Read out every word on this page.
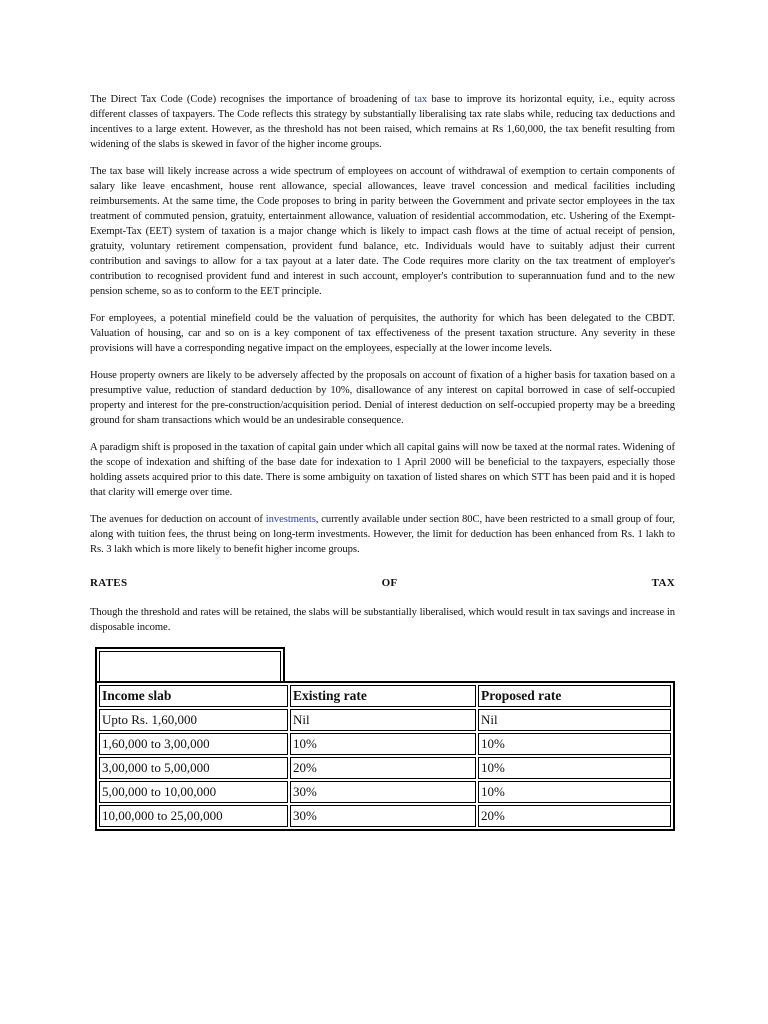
The Direct Tax Code (Code) recognises the importance of broadening of tax base to improve its horizontal equity, i.e., equity across different classes of taxpayers. The Code reflects this strategy by substantially liberalising tax rate slabs while, reducing tax deductions and incentives to a large extent. However, as the threshold has not been raised, which remains at Rs 1,60,000, the tax benefit resulting from widening of the slabs is skewed in favor of the higher income groups.

The tax base will likely increase across a wide spectrum of employees on account of withdrawal of exemption to certain components of salary like leave encashment, house rent allowance, special allowances, leave travel concession and medical facilities including reimbursements. At the same time, the Code proposes to bring in parity between the Government and private sector employees in the tax treatment of commuted pension, gratuity, entertainment allowance, valuation of residential accommodation, etc. Ushering of the Exempt-Exempt-Tax (EET) system of taxation is a major change which is likely to impact cash flows at the time of actual receipt of pension, gratuity, voluntary retirement compensation, provident fund balance, etc. Individuals would have to suitably adjust their current contribution and savings to allow for a tax payout at a later date. The Code requires more clarity on the tax treatment of employer's contribution to recognised provident fund and interest in such account, employer's contribution to superannuation fund and to the new pension scheme, so as to conform to the EET principle.

For employees, a potential minefield could be the valuation of perquisites, the authority for which has been delegated to the CBDT. Valuation of housing, car and so on is a key component of tax effectiveness of the present taxation structure. Any severity in these provisions will have a corresponding negative impact on the employees, especially at the lower income levels.

House property owners are likely to be adversely affected by the proposals on account of fixation of a higher basis for taxation based on a presumptive value, reduction of standard deduction by 10%, disallowance of any interest on capital borrowed in case of self-occupied property and interest for the pre-construction/acquisition period. Denial of interest deduction on self-occupied property may be a breeding ground for sham transactions which would be an undesirable consequence.

A paradigm shift is proposed in the taxation of capital gain under which all capital gains will now be taxed at the normal rates. Widening of the scope of indexation and shifting of the base date for indexation to 1 April 2000 will be beneficial to the taxpayers, especially those holding assets acquired prior to this date. There is some ambiguity on taxation of listed shares on which STT has been paid and it is hoped that clarity will emerge over time.

The avenues for deduction on account of investments, currently available under section 80C, have been restricted to a small group of four, along with tuition fees, the thrust being on long-term investments. However, the limit for deduction has been enhanced from Rs. 1 lakh to Rs. 3 lakh which is more likely to benefit higher income groups.

RATES	OF	TAX

Though the threshold and rates will be retained, the slabs will be substantially liberalised, which would result in tax savings and increase in disposable income.

Income slab	Existing rate	Proposed rate
Upto Rs. 1,60,000	Nil	Nil
1,60,000 to 3,00,000	10%	10%
3,00,000 to 5,00,000	20%	10%
5,00,000 to 10,00,000	30%	10%
10,00,000 to 25,00,000	30%	20%
